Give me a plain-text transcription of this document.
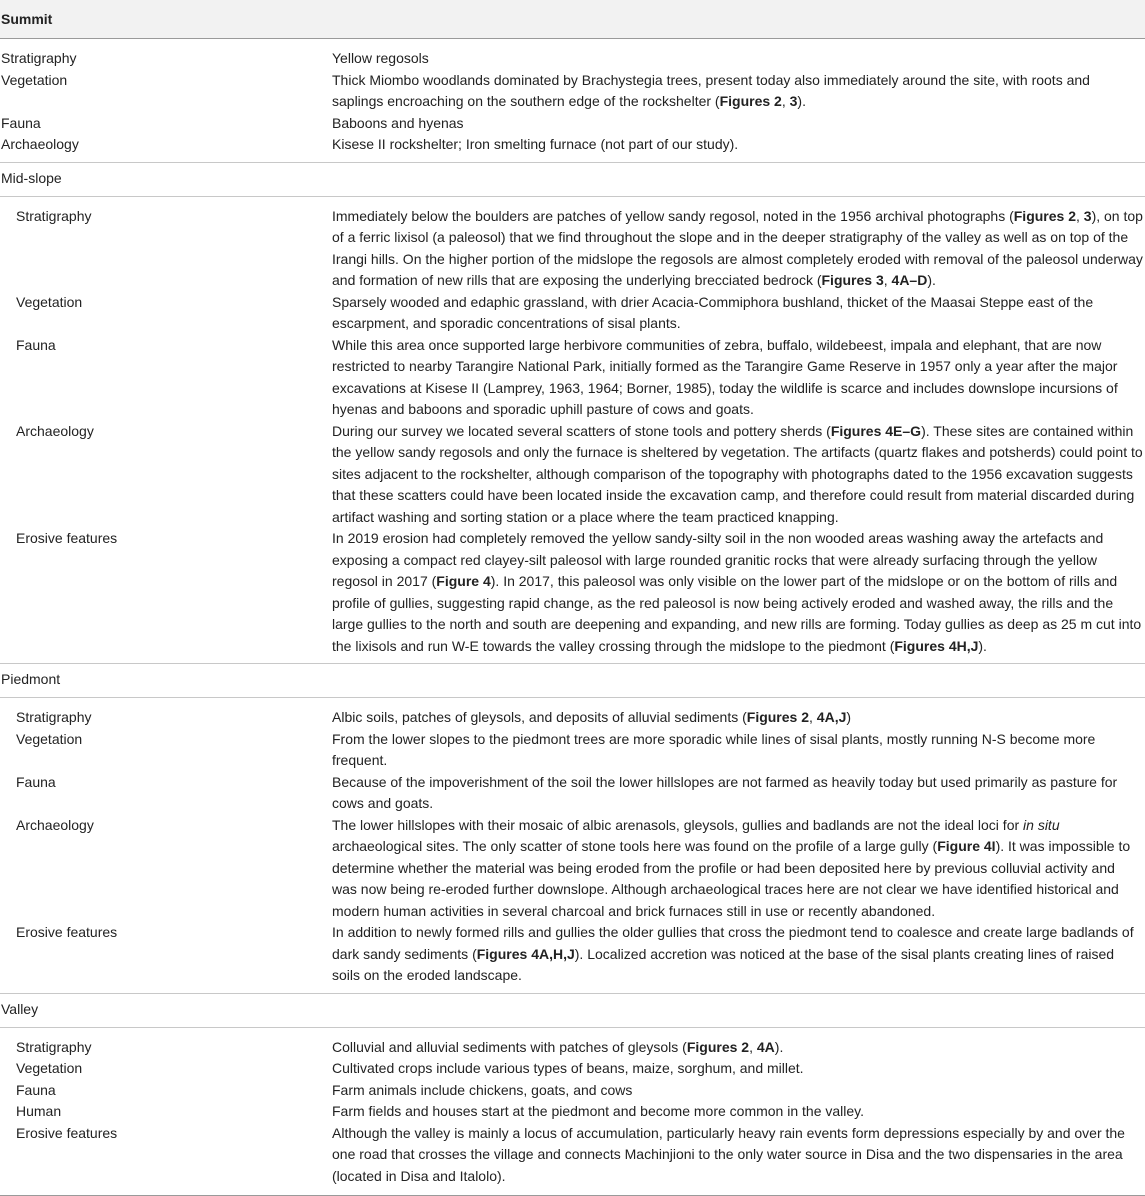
Summit	
Stratigraphy	Yellow regosols
Vegetation	Thick Miombo woodlands dominated by Brachystegia trees, present today also immediately around the site, with roots and saplings encroaching on the southern edge of the rockshelter (Figures 2, 3).
Fauna	Baboons and hyenas
Archaeology	Kisese II rockshelter; Iron smelting furnace (not part of our study).
Mid-slope	
Stratigraphy	Immediately below the boulders are patches of yellow sandy regosol, noted in the 1956 archival photographs (Figures 2, 3), on top of a ferric lixisol (a paleosol) that we find throughout the slope and in the deeper stratigraphy of the valley as well as on top of the Irangi hills. On the higher portion of the midslope the regosols are almost completely eroded with removal of the paleosol underway and formation of new rills that are exposing the underlying brecciated bedrock (Figures 3, 4A–D).
Vegetation	Sparsely wooded and edaphic grassland, with drier Acacia-Commiphora bushland, thicket of the Maasai Steppe east of the escarpment, and sporadic concentrations of sisal plants.
Fauna	While this area once supported large herbivore communities of zebra, buffalo, wildebeest, impala and elephant, that are now restricted to nearby Tarangire National Park, initially formed as the Tarangire Game Reserve in 1957 only a year after the major excavations at Kisese II (Lamprey, 1963, 1964; Borner, 1985), today the wildlife is scarce and includes downslope incursions of hyenas and baboons and sporadic uphill pasture of cows and goats.
Archaeology	During our survey we located several scatters of stone tools and pottery sherds (Figures 4E–G). These sites are contained within the yellow sandy regosols and only the furnace is sheltered by vegetation. The artifacts (quartz flakes and potsherds) could point to sites adjacent to the rockshelter, although comparison of the topography with photographs dated to the 1956 excavation suggests that these scatters could have been located inside the excavation camp, and therefore could result from material discarded during artifact washing and sorting station or a place where the team practiced knapping.
Erosive features	In 2019 erosion had completely removed the yellow sandy-silty soil in the non wooded areas washing away the artefacts and exposing a compact red clayey-silt paleosol with large rounded granitic rocks that were already surfacing through the yellow regosol in 2017 (Figure 4). In 2017, this paleosol was only visible on the lower part of the midslope or on the bottom of rills and profile of gullies, suggesting rapid change, as the red paleosol is now being actively eroded and washed away, the rills and the large gullies to the north and south are deepening and expanding, and new rills are forming. Today gullies as deep as 25 m cut into the lixisols and run W-E towards the valley crossing through the midslope to the piedmont (Figures 4H,J).
Piedmont	
Stratigraphy	Albic soils, patches of gleysols, and deposits of alluvial sediments (Figures 2, 4A,J)
Vegetation	From the lower slopes to the piedmont trees are more sporadic while lines of sisal plants, mostly running N-S become more frequent.
Fauna	Because of the impoverishment of the soil the lower hillslopes are not farmed as heavily today but used primarily as pasture for cows and goats.
Archaeology	The lower hillslopes with their mosaic of albic arenasols, gleysols, gullies and badlands are not the ideal loci for in situ archaeological sites. The only scatter of stone tools here was found on the profile of a large gully (Figure 4I). It was impossible to determine whether the material was being eroded from the profile or had been deposited here by previous colluvial activity and was now being re-eroded further downslope. Although archaeological traces here are not clear we have identified historical and modern human activities in several charcoal and brick furnaces still in use or recently abandoned.
Erosive features	In addition to newly formed rills and gullies the older gullies that cross the piedmont tend to coalesce and create large badlands of dark sandy sediments (Figures 4A,H,J). Localized accretion was noticed at the base of the sisal plants creating lines of raised soils on the eroded landscape.
Valley	
Stratigraphy	Colluvial and alluvial sediments with patches of gleysols (Figures 2, 4A).
Vegetation	Cultivated crops include various types of beans, maize, sorghum, and millet.
Fauna	Farm animals include chickens, goats, and cows
Human	Farm fields and houses start at the piedmont and become more common in the valley.
Erosive features	Although the valley is mainly a locus of accumulation, particularly heavy rain events form depressions especially by and over the one road that crosses the village and connects Machinjioni to the only water source in Disa and the two dispensaries in the area (located in Disa and Italolo).
